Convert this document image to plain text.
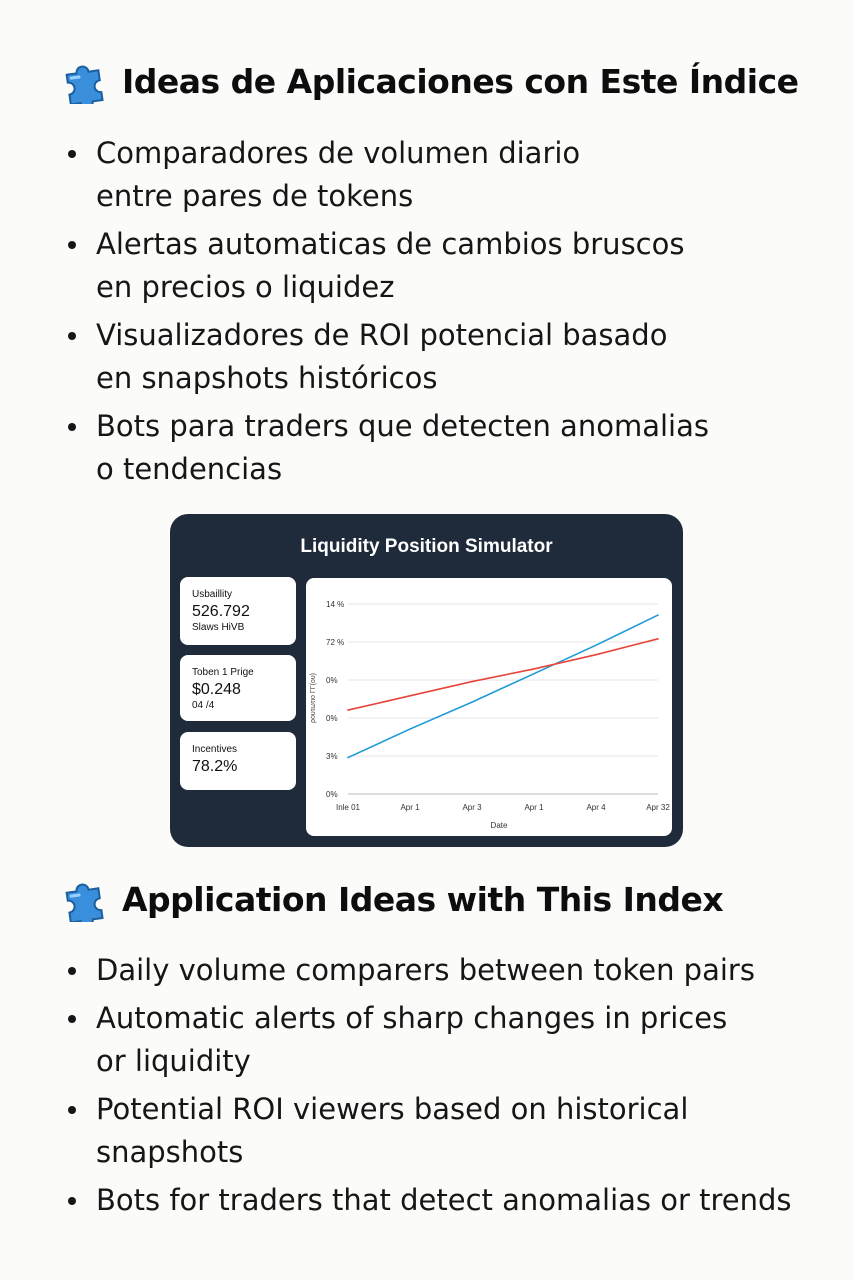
Ideas de Aplicaciones con Este Índice
Comparadores de volumen diario
entre pares de tokens
Alertas automaticas de cambios bruscos
en precios o liquidez
Visualizadores de ROI potencial basado
en snapshots históricos
Bots para traders que detecten anomalias
o tendencias
Liquidity Position Simulator
Usbaillity
526.792
Slaws HiVB
Toben 1 Prige
$0.248
04 /4
Incentives
78.2%
14 %
72 %
0%
0%
3%
0%
Inle 01	Apr 1	Apr 3	Apr 1	Apr 4	Apr 32
Date
ρουτωτιο ΓΓ(ου)
Application Ideas with This Index
Daily volume comparers between token pairs
Automatic alerts of sharp changes in prices
or liquidity
Potential ROI viewers based on historical
snapshots
Bots for traders that detect anomalias or trends
